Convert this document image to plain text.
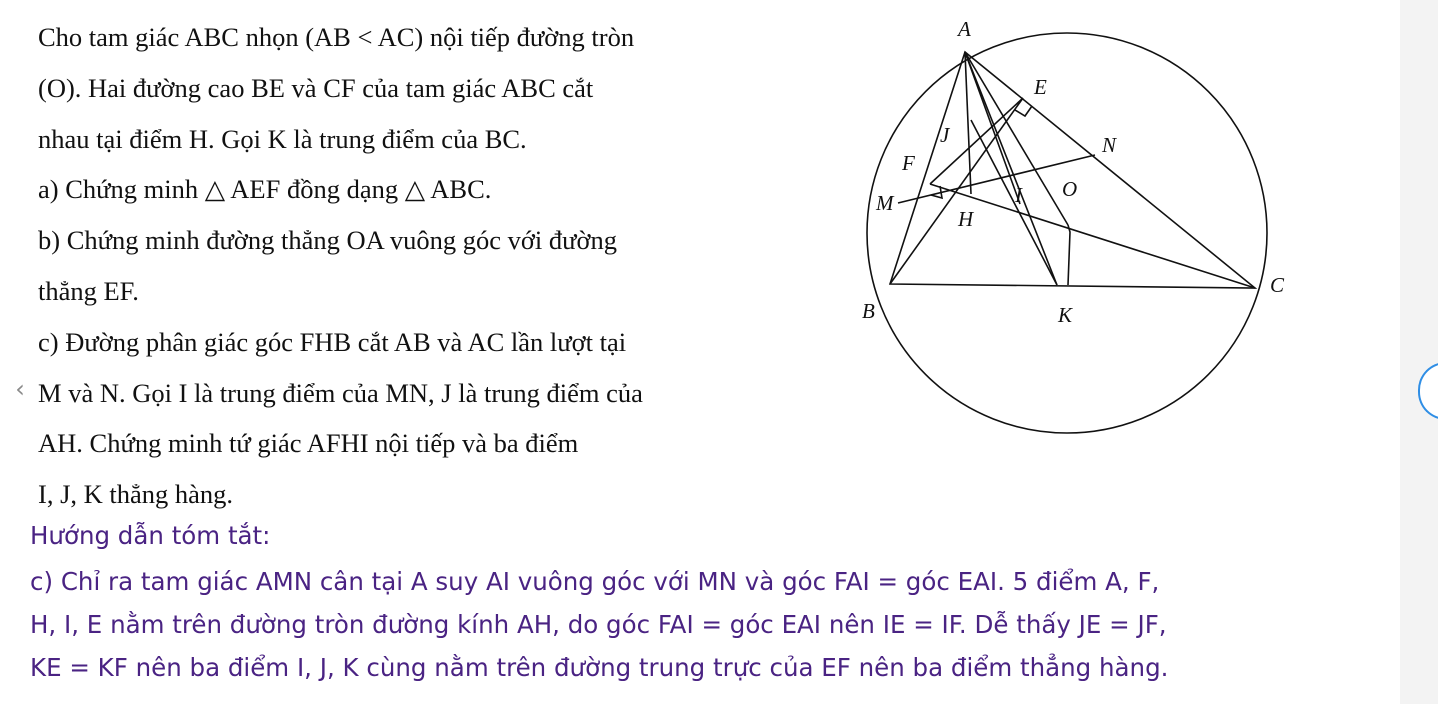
Cho tam giác ABC nhọn (AB < AC) nội tiếp đường tròn
(O). Hai đường cao BE và CF của tam giác ABC cắt
nhau tại điểm H. Gọi K là trung điểm của BC.
a) Chứng minh △ AEF đồng dạng △ ABC.
b) Chứng minh đường thẳng OA vuông góc với đường
thẳng EF.
c) Đường phân giác góc FHB cắt AB và AC lần lượt tại
M và N. Gọi I là trung điểm của MN, J là trung điểm của
AH. Chứng minh tứ giác AFHI nội tiếp và ba điểm
I, J, K thẳng hàng.
A
B
C
E
F
H
I
J
K
M
N
O
Hướng dẫn tóm tắt:
c) Chỉ ra tam giác AMN cân tại A suy AI vuông góc với MN và góc FAI = góc EAI. 5 điểm A, F,
H, I, E nằm trên đường tròn đường kính AH, do góc FAI = góc EAI nên IE = IF. Dễ thấy JE = JF,
KE = KF nên ba điểm I, J, K cùng nằm trên đường trung trực của EF nên ba điểm thẳng hàng.
‹
